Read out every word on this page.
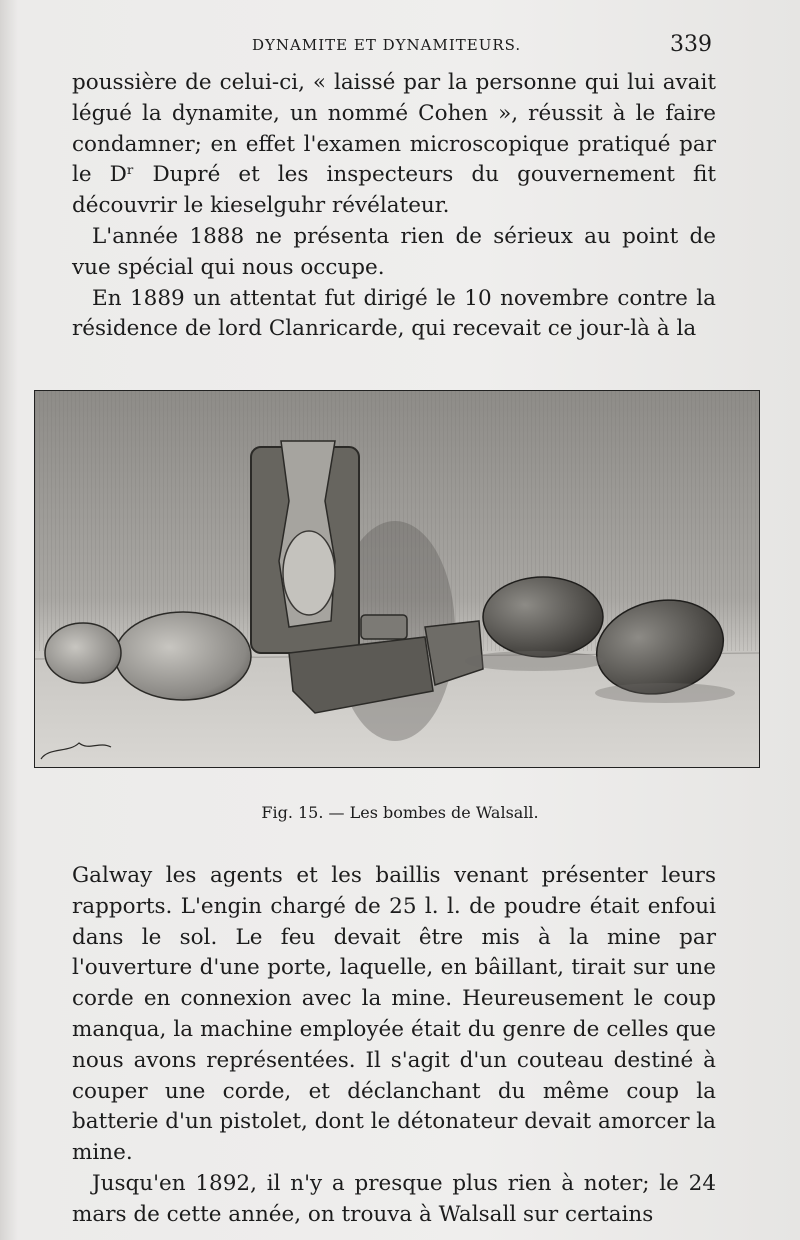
DYNAMITE ET DYNAMITEURS.	339

poussière de celui-ci, « laissé par la personne qui lui avait légué la dynamite, un nommé Cohen », réussit à le faire condamner; en effet l'examen microscopique pratiqué par le Dʳ Dupré et les inspecteurs du gouvernement fit découvrir le kieselguhr révélateur.

L'année 1888 ne présenta rien de sérieux au point de vue spécial qui nous occupe.

En 1889 un attentat fut dirigé le 10 novembre contre la résidence de lord Clanricarde, qui recevait ce jour-là à la

Fig. 15. — Les bombes de Walsall.

Galway les agents et les baillis venant présenter leurs rapports. L'engin chargé de 25 l. l. de poudre était enfoui dans le sol. Le feu devait être mis à la mine par l'ouverture d'une porte, laquelle, en bâillant, tirait sur une corde en connexion avec la mine. Heureusement le coup manqua, la machine employée était du genre de celles que nous avons représentées. Il s'agit d'un couteau destiné à couper une corde, et déclanchant du même coup la batterie d'un pistolet, dont le détonateur devait amorcer la mine.

Jusqu'en 1892, il n'y a presque plus rien à noter; le 24 mars de cette année, on trouva à Walsall sur certains
